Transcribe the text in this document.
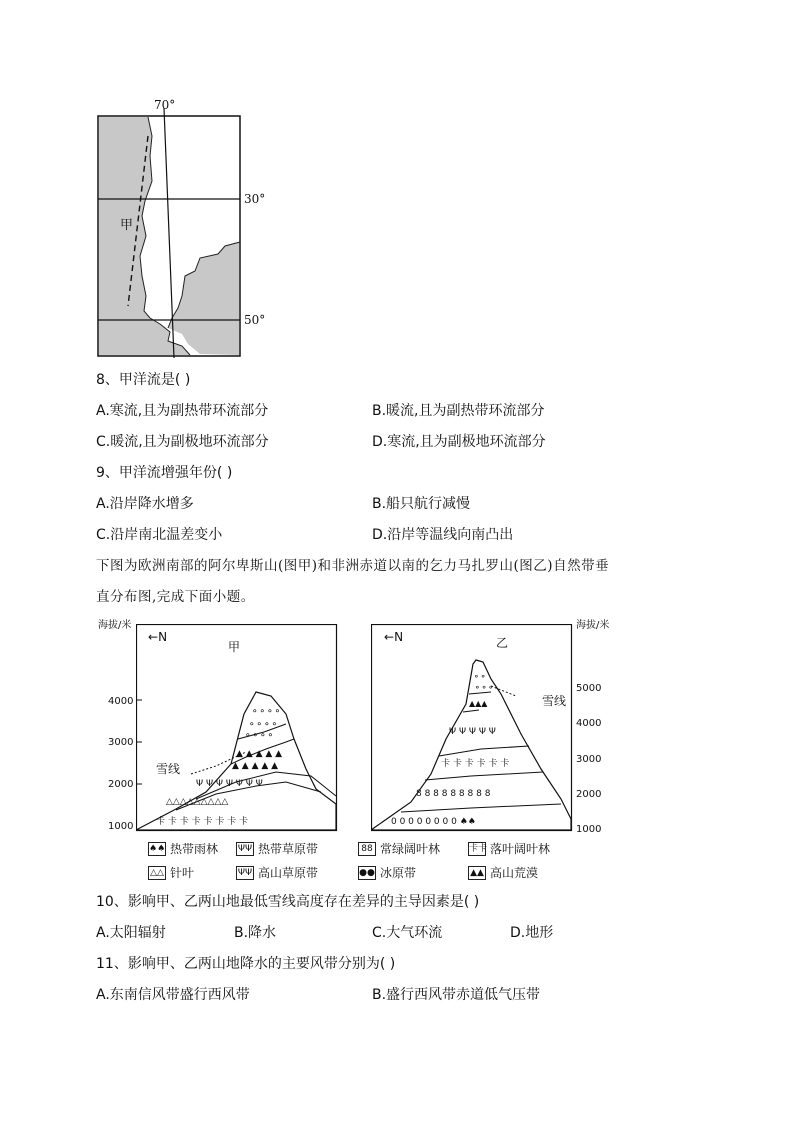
70°
30°
50°
甲
8、甲洋流是( )
A.寒流,且为副热带环流部分	B.暖流,且为副热带环流部分
C.暖流,且为副极地环流部分	D.寒流,且为副极地环流部分
9、甲洋流增强年份( )
A.沿岸降水增多	B.船只航行减慢
C.沿岸南北温差变小	D.沿岸等温线向南凸出
下图为欧洲南部的阿尔卑斯山(图甲)和非洲赤道以南的乞力马扎罗山(图乙)自然带垂
直分布图,完成下面小题。
海拔/米	海拔/米
4000
3000
2000
1000
5000
4000
3000
2000
1000
⚬⚬⚬⚬
⚬⚬⚬⚬
⚬⚬⚬⚬
▲ ▲ ▲ ▲ ▲
▲ ▲ ▲ ▲ ▲
Ψ Ψ Ψ Ψ Ψ Ψ Ψ
△△△△△△△△△
卡 卡 卡 卡 卡 卡 卡 卡
←N
甲
雪线
⚬⚬
⚬⚬⚬
▲▲▲
Ψ Ψ Ψ Ψ Ψ
卡 卡 卡 卡 卡 卡
8 8 8 8 8 8 8 8 8
0 0 0 0 0 0 0 0 ♠♠
←N	乙
雪线
♠♠ 热带雨林 ΨΨ 热带草原带	88 常绿阔叶林	卡卡 落叶阔叶林
△△ 针叶	ΨΨ 高山草原带	●● 冰原带	▲▲ 高山荒漠
10、影响甲、乙两山地最低雪线高度存在差异的主导因素是( )
A.太阳辐射	B.降水	C.大气环流	D.地形
11、影响甲、乙两山地降水的主要风带分别为( )
A.东南信风带盛行西风带	B.盛行西风带赤道低气压带
